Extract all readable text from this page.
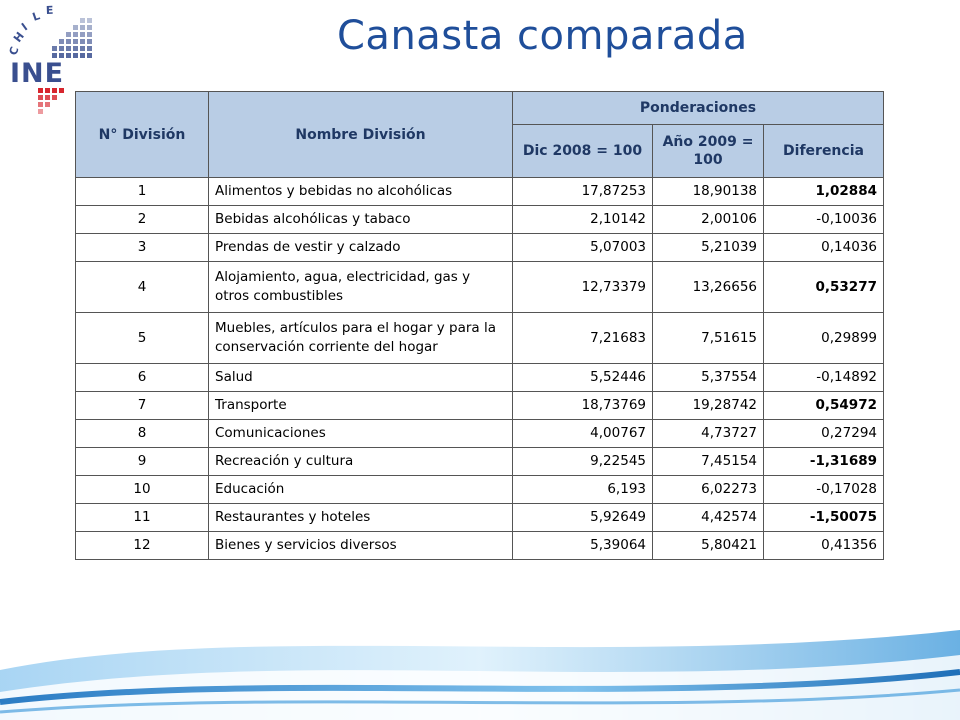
INE
C
H
I
L E
Canasta comparada
N° División	Nombre División	Ponderaciones		
		Dic 2008 = 100	Año 2009 = 100	Diferencia
1	Alimentos y bebidas no alcohólicas	17,87253	18,90138	1,02884
2	Bebidas alcohólicas y tabaco	2,10142	2,00106	-0,10036
3	Prendas de vestir y calzado	5,07003	5,21039	0,14036
4	Alojamiento, agua, electricidad, gas y otros combustibles	12,73379	13,26656	0,53277
5	Muebles, artículos para el hogar y para la conservación corriente del hogar	7,21683	7,51615	0,29899
6	Salud	5,52446	5,37554	-0,14892
7	Transporte	18,73769	19,28742	0,54972
8	Comunicaciones	4,00767	4,73727	0,27294
9	Recreación y cultura	9,22545	7,45154	-1,31689
10	Educación	6,193	6,02273	-0,17028
11	Restaurantes y hoteles	5,92649	4,42574	-1,50075
12	Bienes y servicios diversos	5,39064	5,80421	0,41356
